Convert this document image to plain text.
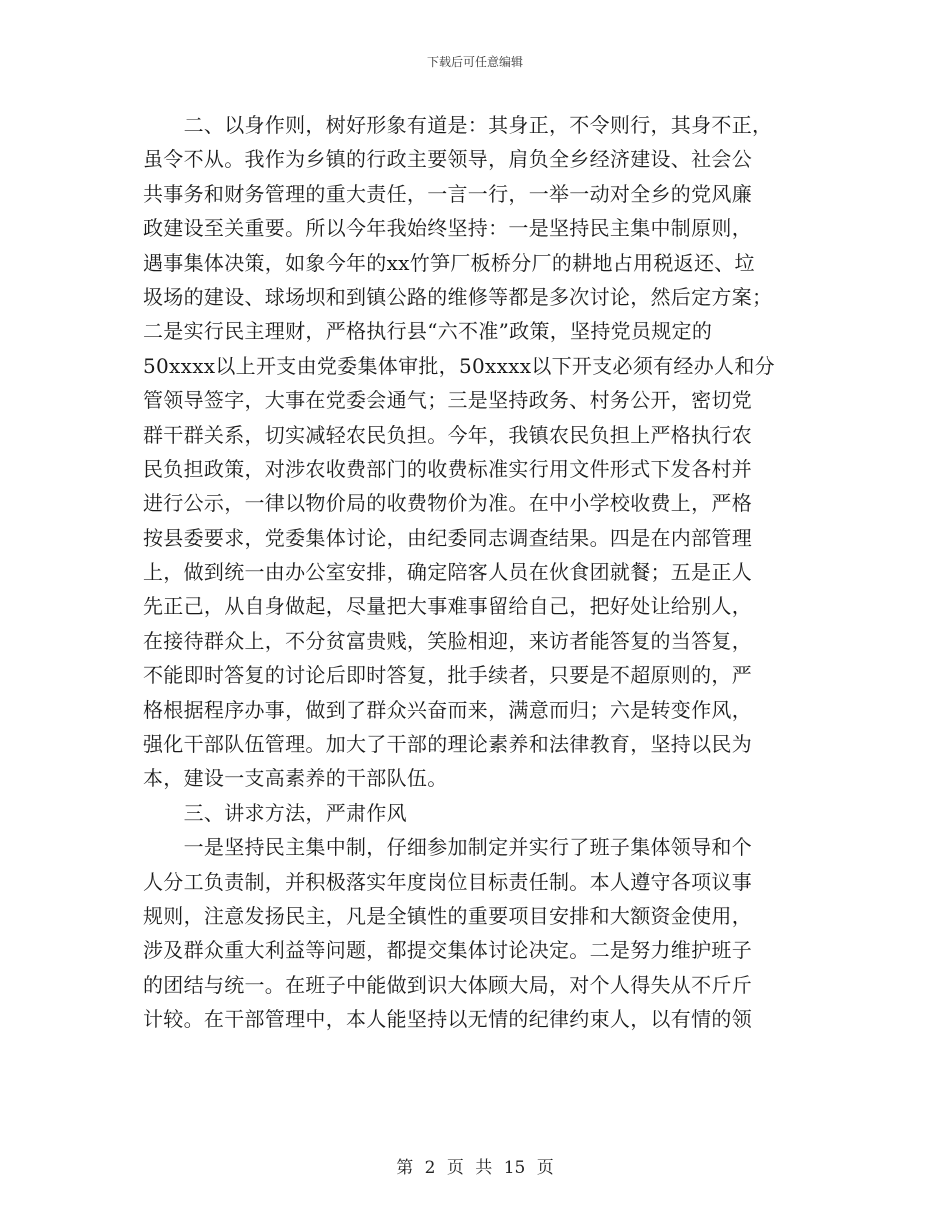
下载后可任意编辑
　　二、以身作则，树好形象有道是：其身正，不令则行，其身不正，
虽令不从。我作为乡镇的行政主要领导，肩负全乡经济建设、社会公
共事务和财务管理的重大责任，一言一行，一举一动对全乡的党风廉
政建设至关重要。所以今年我始终坚持：一是坚持民主集中制原则，
遇事集体决策，如象今年的xx竹笋厂板桥分厂的耕地占用税返还、垃
圾场的建设、球场坝和到镇公路的维修等都是多次讨论，然后定方案；
二是实行民主理财，严格执行县“六不准”政策，坚持党员规定的
50xxxx以上开支由党委集体审批，50xxxx以下开支必须有经办人和分
管领导签字，大事在党委会通气；三是坚持政务、村务公开，密切党
群干群关系，切实减轻农民负担。今年，我镇农民负担上严格执行农
民负担政策，对涉农收费部门的收费标准实行用文件形式下发各村并
进行公示，一律以物价局的收费物价为准。在中小学校收费上，严格
按县委要求，党委集体讨论，由纪委同志调查结果。四是在内部管理
上，做到统一由办公室安排，确定陪客人员在伙食团就餐；五是正人
先正己，从自身做起，尽量把大事难事留给自己，把好处让给别人，
在接待群众上，不分贫富贵贱，笑脸相迎，来访者能答复的当答复，
不能即时答复的讨论后即时答复，批手续者，只要是不超原则的，严
格根据程序办事，做到了群众兴奋而来，满意而归；六是转变作风，
强化干部队伍管理。加大了干部的理论素养和法律教育，坚持以民为
本，建设一支高素养的干部队伍。
　　三、讲求方法，严肃作风
　　一是坚持民主集中制，仔细参加制定并实行了班子集体领导和个
人分工负责制，并积极落实年度岗位目标责任制。本人遵守各项议事
规则，注意发扬民主，凡是全镇性的重要项目安排和大额资金使用，
涉及群众重大利益等问题，都提交集体讨论决定。二是努力维护班子
的团结与统一。在班子中能做到识大体顾大局，对个人得失从不斤斤
计较。在干部管理中，本人能坚持以无情的纪律约束人，以有情的领
第 2 页 共 15 页
